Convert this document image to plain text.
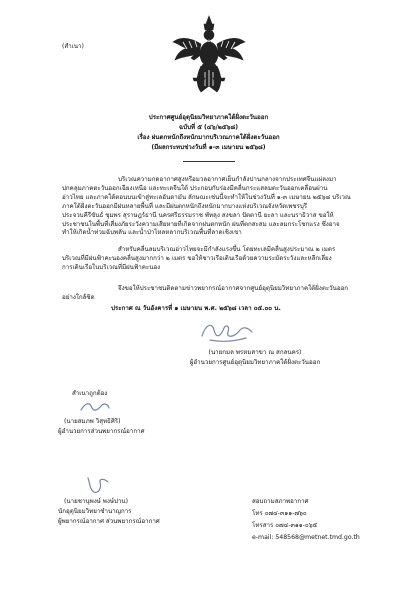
(สำเนา)
ประกาศศูนย์อุตุนิยมวิทยาภาคใต้ฝั่งตะวันออก
ฉบับที่ ๕ (๔๖/๒๕๖๘)
เรื่อง ฝนตกหนักถึงหนักมากบริเวณภาคใต้ฝั่งตะวันออก
(มีผลกระทบช่วงวันที่ ๑-๓ เมษายน ๒๕๖๘)
บริเวณความกดอากาศสูงหรือมวลอากาศเย็นกำลังปานกลางจากประเทศจีนแผ่ลงมา
ปกคลุมภาคตะวันออกเฉียงเหนือ และทะเลจีนใต้ ประกอบกับร่องมีคลื่นกระแสลมตะวันออกเคลื่อนผ่าน
อ่าวไทย และภาคใต้ตอนบนเข้าสู่ทะเลอันดามัน ลักษณะเช่นนี้จะทำให้ในช่วงวันที่ ๑-๓ เมษายน ๒๕๖๘ บริเวณ
ภาคใต้ฝั่งตะวันออกมีฝนหลายพื้นที่ และมีฝนตกหนักถึงหนักมากบางแห่งบริเวณจังหวัดเพชรบุรี
ประจวบคีรีขันธ์ ชุมพร สุราษฎร์ธานี นครศรีธรรมราช พัทลุง สงขลา ปัตตานี ยะลา และนราธิวาส ขอให้
ประชาชนในพื้นที่เสี่ยงภัยระวังความเสียหายที่เกิดจากฝนตกหนัก ฝนที่ตกสะสม และลมกระโชกแรง ซึ่งอาจ
ทำให้เกิดน้ำท่วมฉับพลัน และน้ำป่าไหลหลากบริเวณพื้นที่ลาดเชิงเขา
สำหรับคลื่นลมบริเวณอ่าวไทยจะมีกำลังแรงขึ้น โดยทะเลมีคลื่นสูงประมาณ ๒ เมตร
บริเวณที่มีฝนฟ้าคะนองคลื่นสูงมากกว่า ๒ เมตร ขอให้ชาวเรือเดินเรือด้วยความระมัดระวังและหลีกเลี่ยง
การเดินเรือในบริเวณที่มีฝนฟ้าคะนอง
จึงขอให้ประชาชนติดตามข่าวพยากรณ์อากาศจากศูนย์อุตุนิยมวิทยาภาคใต้ฝั่งตะวันออก
อย่างใกล้ชิด
ประกาศ ณ วันอังคารที่ ๑ เมษายน พ.ศ. ๒๕๖๘ เวลา ๐๕.๐๐ น.
(นายกมล พรหมสาขา ณ สกลนคร)
ผู้อำนวยการศูนย์อุตุนิยมวิทยาภาคใต้ฝั่งตะวันออก
สำเนาถูกต้อง
(นายสมภพ วิสุทธิศิริ)
ผู้อำนวยการส่วนพยากรณ์อากาศ
(นายชานุพงษ์ พงษ์ปาน)
นักอุตุนิยมวิทยาชำนาญการ
ผู้พยากรณ์อากาศ ส่วนพยากรณ์อากาศ
สอบถามสภาพอากาศ
โทร ๐๗๔-๓๑๑-๗๖๐
โทรสาร ๐๗๔-๓๑๑-๐๖๕
e-mail: 548568@metnet.tmd.go.th
